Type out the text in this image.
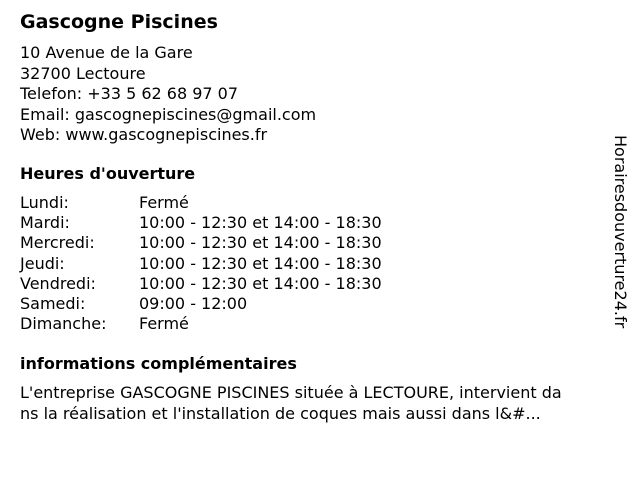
Gascogne Piscines
10 Avenue de la Gare
32700 Lectoure
Telefon: +33 5 62 68 97 07
Email: gascognepiscines@gmail.com
Web: www.gascognepiscines.fr
Heures d'ouverture
Lundi:	Fermé
Mardi:	10:00 - 12:30 et 14:00 - 18:30
Mercredi:	10:00 - 12:30 et 14:00 - 18:30
Jeudi:	10:00 - 12:30 et 14:00 - 18:30
Vendredi:	10:00 - 12:30 et 14:00 - 18:30
Samedi:	09:00 - 12:00
Dimanche:	Fermé
informations complémentaires
L'entreprise GASCOGNE PISCINES située à LECTOURE, intervient da
ns la réalisation et l'installation de coques mais aussi dans l&#...
Horairesdouverture24.fr
